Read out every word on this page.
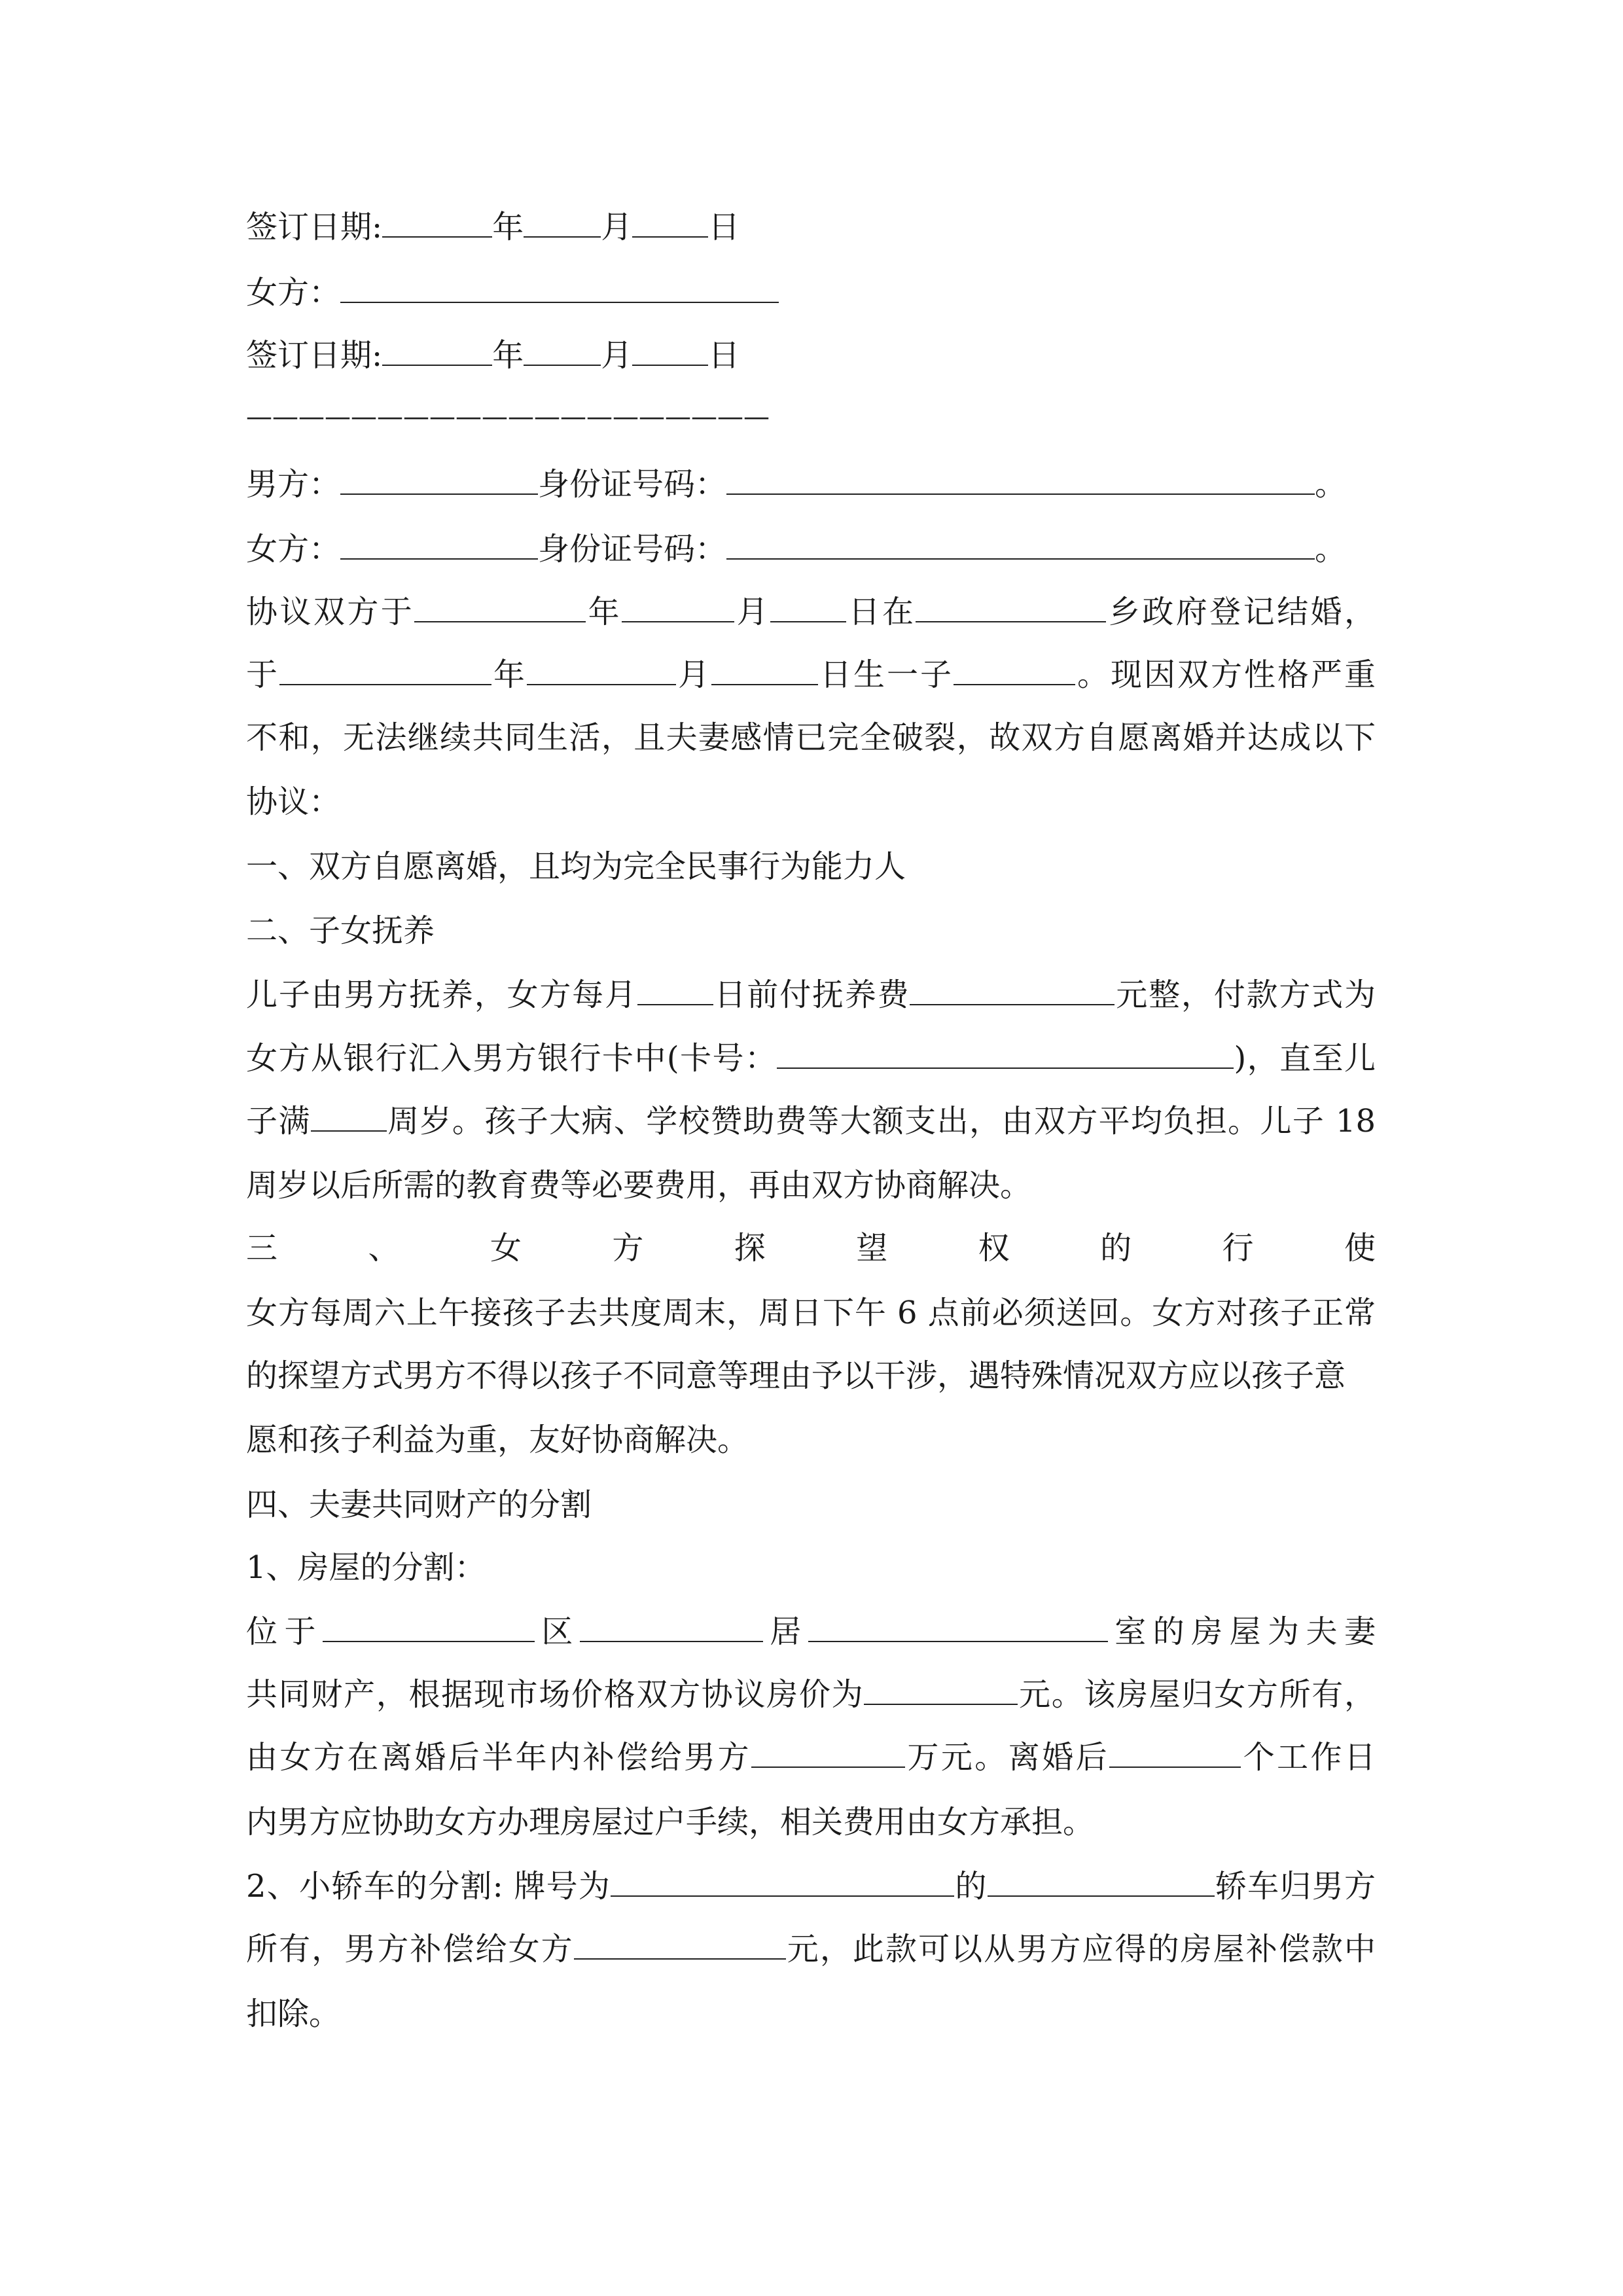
签订日期:	年 月 日
女方：
签订日期:	年 月 日
————————————————————
男方：	身份证号码：	。
女方：	身份证号码：	。
协议双方于	年	月 日在	乡政府登记结婚，
于	年	月	日生一子	。现因双方性格严重
不和，无法继续共同生活，且夫妻感情已完全破裂，故双方自愿离婚并达成以下
协议：
一、双方自愿离婚，且均为完全民事行为能力人
二、子女抚养
儿子由男方抚养，女方每月 日前付抚养费	元整，付款方式为
女方从银行汇入男方银行卡中(卡号：	)，直至儿
子满 周岁。孩子大病、学校赞助费等大额支出，由双方平均负担。儿子 18
周岁以后所需的教育费等必要费用，再由双方协商解决。
三、女方探望权的行使
女方每周六上午接孩子去共度周末，周日下午 6 点前必须送回。女方对孩子正常
的探望方式男方不得以孩子不同意等理由予以干涉，遇特殊情况双方应以孩子意
愿和孩子利益为重，友好协商解决。
四、夫妻共同财产的分割
1、房屋的分割：
位于	区	居	室的房屋为夫妻
共同财产，根据现市场价格双方协议房价为	元。该房屋归女方所有，
由女方在离婚后半年内补偿给男方	万元。离婚后	个工作日
内男方应协助女方办理房屋过户手续，相关费用由女方承担。
2、小轿车的分割: 牌号为	的	轿车归男方
所有，男方补偿给女方	元，此款可以从男方应得的房屋补偿款中
扣除。
